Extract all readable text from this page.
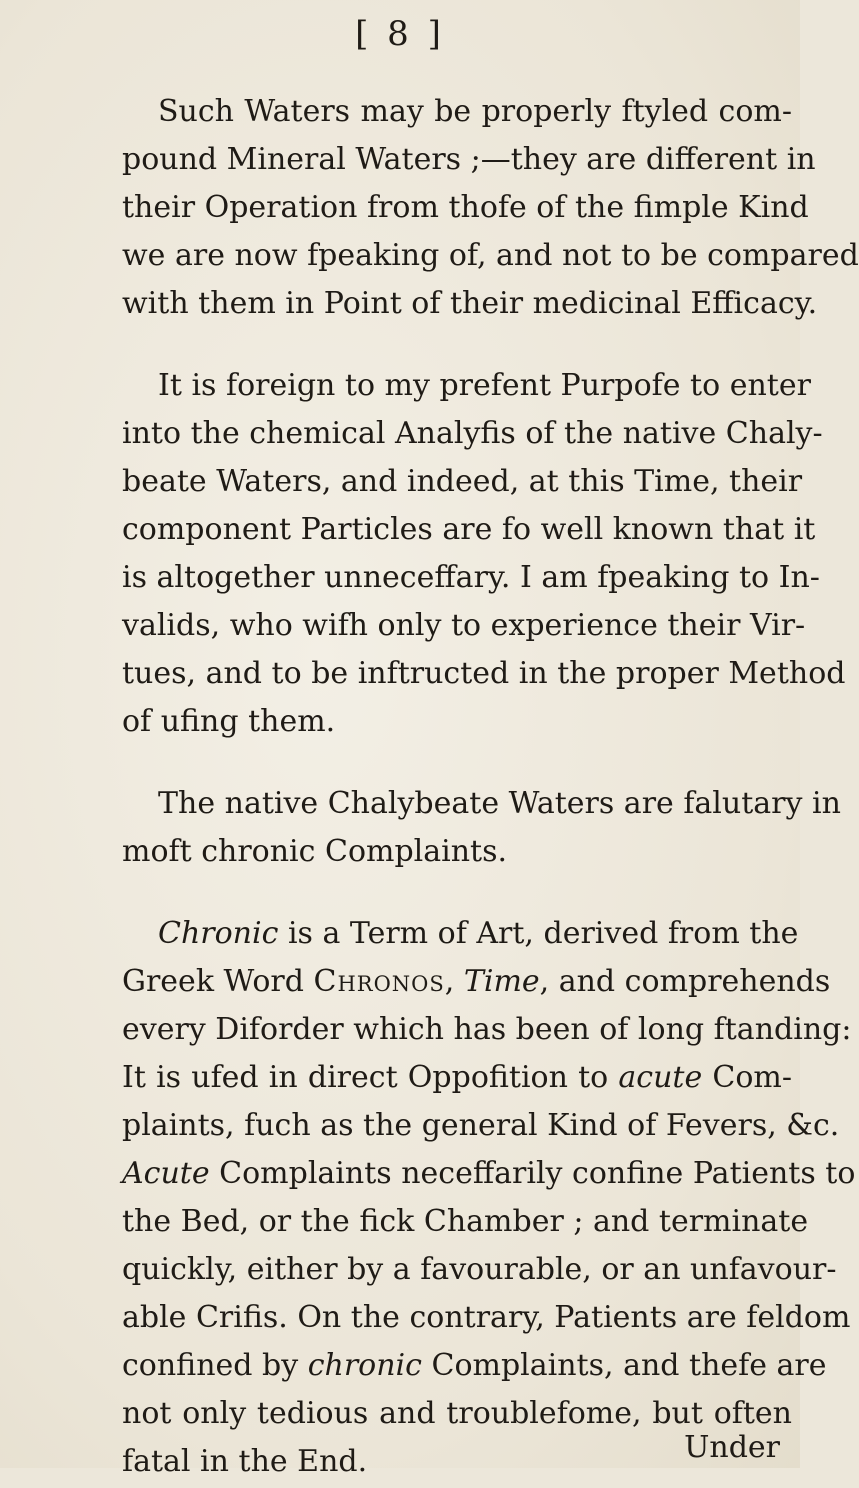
[ 8 ]
Such Waters may be properly ftyled com-
pound Mineral Waters ;—they are different in
their Operation from thofe of the fimple Kind
we are now fpeaking of, and not to be compared
with them in Point of their medicinal Efficacy.
It is foreign to my prefent Purpofe to enter
into the chemical Analyfis of the native Chaly-
beate Waters, and indeed, at this Time, their
component Particles are fo well known that it
is altogether unneceffary. I am fpeaking to In-
valids, who wifh only to experience their Vir-
tues, and to be inftructed in the proper Method
of ufing them.
The native Chalybeate Waters are falutary in
moft chronic Complaints.
Chronic is a Term of Art, derived from the
Greek Word Chronos, Time, and comprehends
every Diforder which has been of long ftanding:
It is ufed in direct Oppofition to acute Com-
plaints, fuch as the general Kind of Fevers, &c.
Acute Complaints neceffarily confine Patients to
the Bed, or the fick Chamber ; and terminate
quickly, either by a favourable, or an unfavour-
able Crifis. On the contrary, Patients are feldom
confined by chronic Complaints, and thefe are
not only tedious and troublefome, but often
fatal in the End.	Under
